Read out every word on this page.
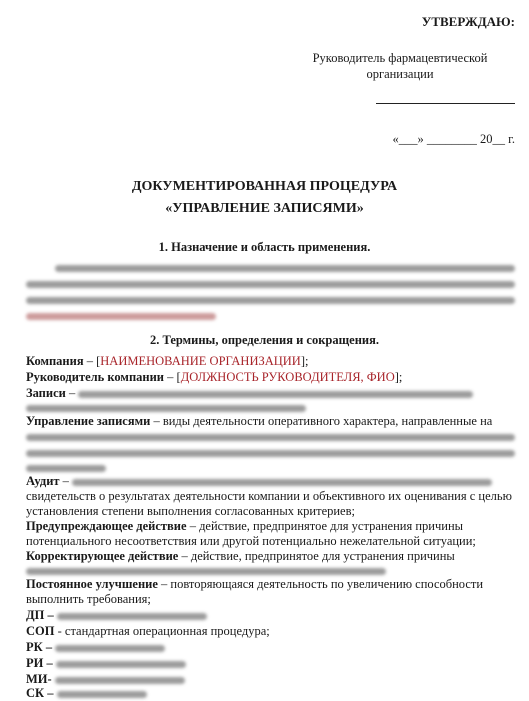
УТВЕРЖДАЮ:
Руководитель фармацевтической
организации
«___» ________ 20__ г.
ДОКУМЕНТИРОВАННАЯ ПРОЦЕДУРА
«УПРАВЛЕНИЕ ЗАПИСЯМИ»
1. Назначение и область применения.
2. Термины, определения и сокращения.
Компания – [НАИМЕНОВАНИЕ ОРГАНИЗАЦИИ];
Руководитель компании – [ДОЛЖНОСТЬ РУКОВОДИТЕЛЯ, ФИО];
Записи –
Управление записями – виды деятельности оперативного характера, направленные на
Аудит –
свидетельств о результатах деятельности компании и объективного их оценивания с целью
установления степени выполнения согласованных критериев;
Предупреждающее действие – действие, предпринятое для устранения причины
потенциального несоответствия или другой потенциально нежелательной ситуации;
Корректирующее действие – действие, предпринятое для устранения причины
Постоянное улучшение – повторяющаяся деятельность по увеличению способности
выполнить требования;
ДП –
СОП - стандартная операционная процедура;
РК –
РИ –
МИ-
СК –
